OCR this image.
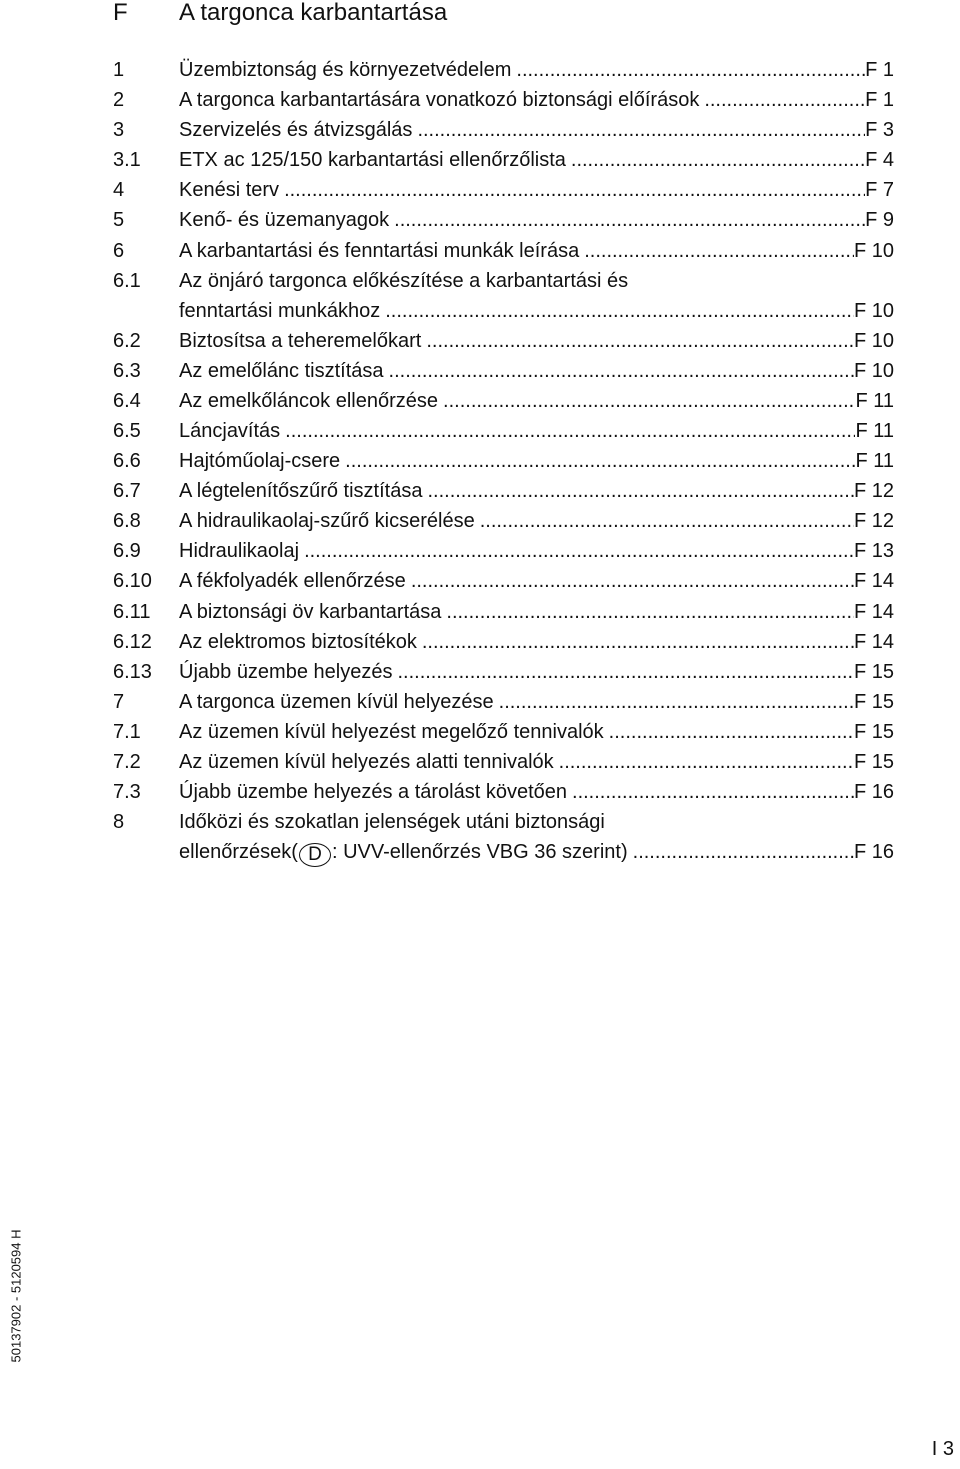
F A targonca karbantartása
1	Üzembiztonság és környezetvédelem .....	F 1
2	A targonca karbantartására vonatkozó biztonsági előírások .....	F 1
3	Szervizelés és átvizsgálás .....	F 3
3.1 ETX ac 125/150 karbantartási ellenőrzőlista .....	F 4
4	Kenési terv .....	F 7
5	Kenő- és üzemanyagok .....	F 9
6	A karbantartási és fenntartási munkák leírása .....	F 10
6.1 Az önjáró targonca előkészítése a karbantartási és
fenntartási munkákhoz .....	F 10
6.2 Biztosítsa a teheremelőkart .....	F 10
6.3 Az emelőlánc tisztítása .....	F 10
6.4 Az emelkőláncok ellenőrzése .....	F 11
6.5 Láncjavítás .....	F 11
6.6 Hajtóműolaj-csere .....	F 11
6.7 A légtelenítőszűrő tisztítása .....	F 12
6.8 A hidraulikaolaj-szűrő kicserélése .....	F 12
6.9 Hidraulikaolaj .....	F 13
6.10 A fékfolyadék ellenőrzése .....	F 14
6.11 A biztonsági öv karbantartása .....	F 14
6.12 Az elektromos biztosítékok .....	F 14
6.13 Újabb üzembe helyezés .....	F 15
7	A targonca üzemen kívül helyezése .....	F 15
7.1 Az üzemen kívül helyezést megelőző tennivalók .....	F 15
7.2 Az üzemen kívül helyezés alatti tennivalók .....	F 15
7.3 Újabb üzembe helyezés a tárolást követően .....	F 16
8	Időközi és szokatlan jelenségek utáni biztonsági
ellenőrzések( D : UVV-ellenőrzés VBG 36 szerint) .....	F 16
50137902 - 5120594 H
I 3
